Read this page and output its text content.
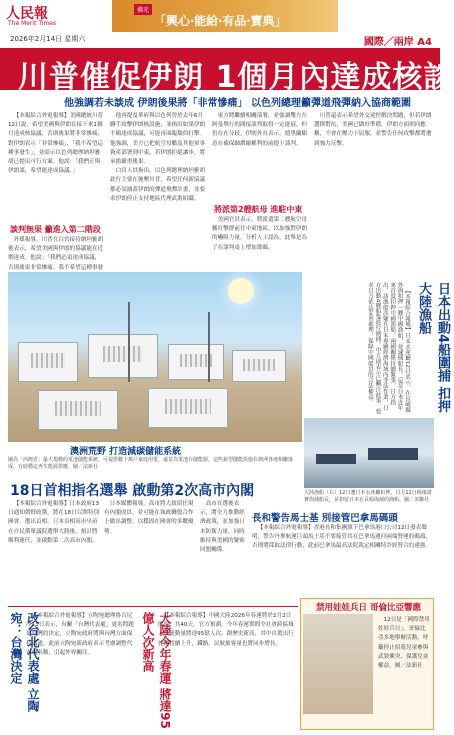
人民報
The Merit Times
佛光
「興心‧能給‧有品‧寶典」
2026年2月14日 星期六	國際／兩岸 A4
川普催促伊朗 1個月內達成核談
他強調若未談成 伊朗後果將「非常慘痛」 以色列總理籲彈道飛彈納入協商範圍

【本報綜合外電報導】美國總統川普12日說，希望美國與伊朗在接下來1個月達成核協議，否則後果將非常慘痛；對伊朗表示「非常慘痛」，「我不希望這種事發生」，並暗示以色列總理納坦雅胡已提出可行方案。他說：「我們正與伊朗談，希望能達成協議。」

談判無果 籲進入第二階段

外媒報導，川普在白宮接待納坦雅胡後表示，希望美國與伊朗的協議能在近期達成。他說：「我們必須達成協議，否則後果非常慘痛。我不希望這種事發

他再提及華府與以色列曾於去年6月聯手攻擊伊朗核設施，並指出如果伊朗不願達成協議，可能再面臨類似打擊。他強調，美方已把航空母艦及其他軍事資產部署到中東，若伊朗拒絕讓步，將承擔嚴重後果。

白宮人員指出，以色列總理納坦雅胡此行主要在施壓川普，希望任何新協議都必須涵蓋伊朗的彈道飛彈計畫，並要求伊朗停止支持地區代理武裝組織。

軍方將繼續相關部署，並強調雙方在阿曼舉行的間接談判取得一定進展，但仍存在分歧。伊朗外長表示，德黑蘭願意在確保鈾濃縮權利的前提下談判。

將派第2艘航母 進駐中東

美國官員表示，將派遣第二艘航空母艦打擊群前往中東地區，以加強對伊朗的嚇阻力量。分析人士認為，此舉是為了在談判桌上增加籌碼。

川普還表示希望外交途徑解決問題，但若伊朗選擇對抗，美國已做好準備。伊朗方面則回應稱，不會在壓力下屈服，並警告任何攻擊都將遭到強力反擊。

澳洲荒野 打造減碳儲能系統
圖為「西澳省」最大規模的電池儲能系統，可提供數十萬戶家庭用電，遠景為電池存儲能源，這些新型儲能設施在澳洲各地相繼落成，有助穩定再生能源供應。圖／法新社
日本出動4船圍捕 扣押大陸漁船

【本報綜合報導】日本水產廳12日表示，在長崎縣外海扣押一艘中國漁船，並逮捕船長。這是日本近年來首度扣押中國漁船，兩國關係持續緊張。日方指出，該漁船涉嫌在日本專屬經濟海域內非法作業，日方出動4艘船隻進行圍捕。中方則表示已關注此事，要求日方依法妥善處理，保障中國船員的合法權益。

大陸漁船（右）12日遭日本水產廳扣押，日方12日稍後證實拘捕船長，並扣留日本在長崎海域的漁船。圖／美聯社
18日首相指名選舉 啟動第2次高市內閣

【本報綜合外電報導】日本政府13日通知朝野政黨，將在18日召開特別國會，選出首相。日本首相高市早苗在自民黨眾議院選舉大勝後，預計將順利連任，並啟動第二次高市內閣。

日本媒體報導，高市將大致留任現有內閣成員，並可能在執政聯盟合作上做出調整，以穩固在國會的多數優勢。

高市在選後表示，將全力推動經濟政策，並加強日本防衛力量，同時維持與美國的緊密同盟關係。

改台北代表處 立陶宛：台灣決定	【本報綜合外電報導】立陶宛總理魯吉尼涅13日表示，有關「台灣代表處」更名問題是台灣的決定，立陶宛政府將與台灣方面保持溝通。此前立陶宛新政府表示考慮調整代表處名稱，引起外界關注。	大陸今年春運 將達95億人次新高	【本報綜合報導】中國大陸2026年春運將於2月2日開始，共40天。官方預測，今年春運期間全社會跨區域人員流動量將達95億人次，創歷史新高，其中自駕出行比例持續上升，鐵路、民航旅客量也將同步增長。

長和警告馬士基 別接管巴拿馬碼頭

【本報綜合外電報導】香港長和集團旗下巴拿馬港口公司12日發表聲明，警告丹麥航運巨頭馬士基不要接管其在巴拿馬運河兩端營運的碼頭，否則將採取法律行動，此前巴拿馬最高法院裁定相關特許經營合約違憲。

禁用娃娃兵日 哥倫比亞響應

12日是「國際禁用娃娃兵日」，哥倫比亞多地舉辦活動，呼籲停止招募兒童參與武裝衝突，保護兒童權益。圖／法新社
